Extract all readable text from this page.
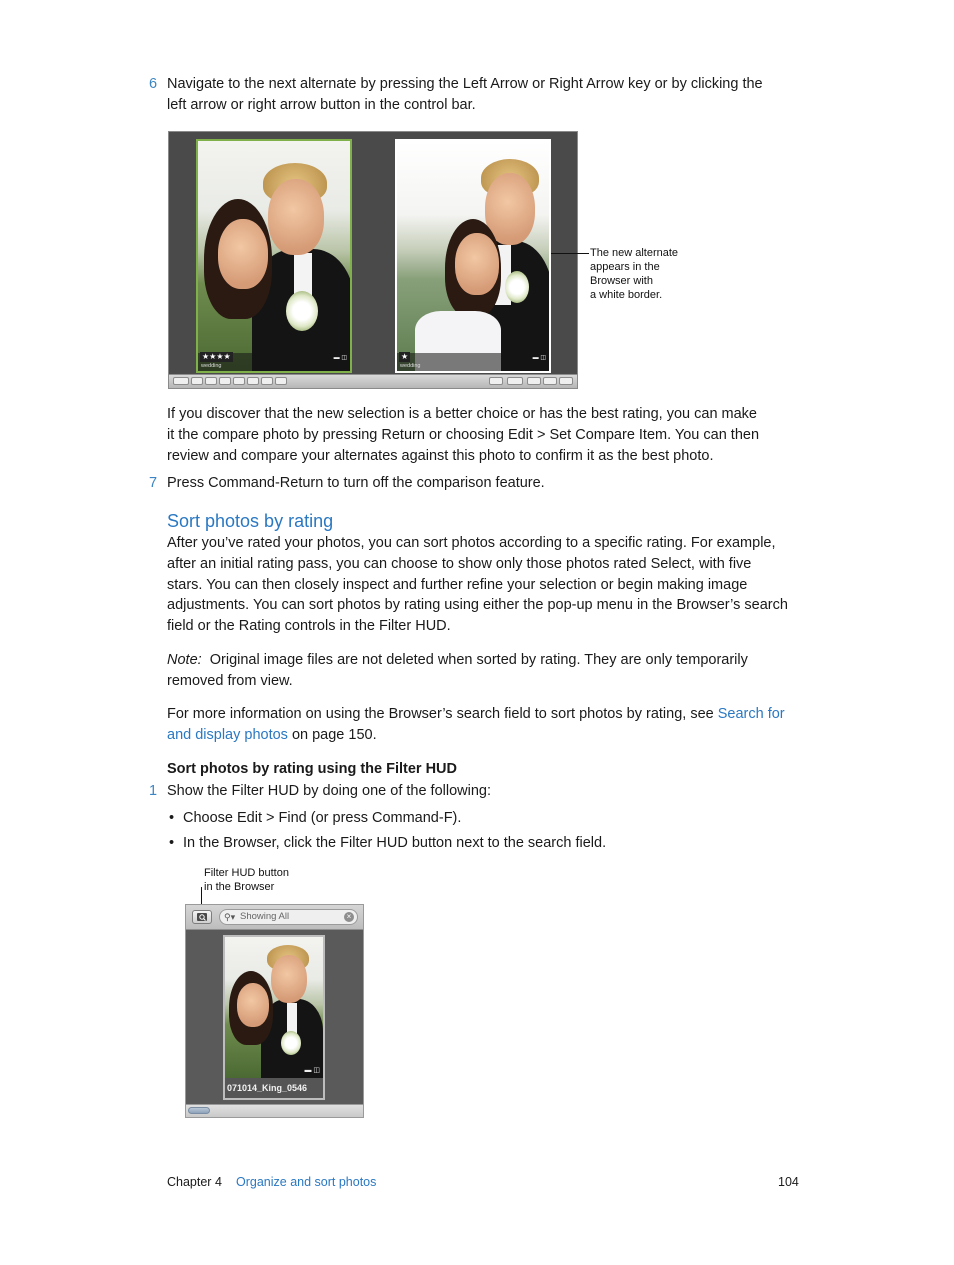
6 Navigate to the next alternate by pressing the Left Arrow or Right Arrow key or by clicking the
left arrow or right arrow button in the control bar.
★★★★
wedding
▬ ◫	★
wedding
▬ ◫
The new alternate
appears in the
Browser with
a white border.
If you discover that the new selection is a better choice or has the best rating, you can make
it the compare photo by pressing Return or choosing Edit > Set Compare Item. You can then
review and compare your alternates against this photo to confirm it as the best photo.
7 Press Command-Return to turn off the comparison feature.
Sort photos by rating
After you’ve rated your photos, you can sort photos according to a specific rating. For example,
after an initial rating pass, you can choose to show only those photos rated Select, with five
stars. You can then closely inspect and further refine your selection or begin making image
adjustments. You can sort photos by rating using either the pop-up menu in the Browser’s search
field or the Rating controls in the Filter HUD.
Note: Original image files are not deleted when sorted by rating. They are only temporarily
removed from view.
For more information on using the Browser’s search field to sort photos by rating, see Search for
and display photos on page 150.
Sort photos by rating using the Filter HUD
1 Show the Filter HUD by doing one of the following:
• Choose Edit > Find (or press Command-F).
• In the Browser, click the Filter HUD button next to the search field.
Filter HUD button
in the Browser
⚲▾ Showing All	×
▬ ◫
071014_King_0546
Chapter 4 Organize and sort photos	104
